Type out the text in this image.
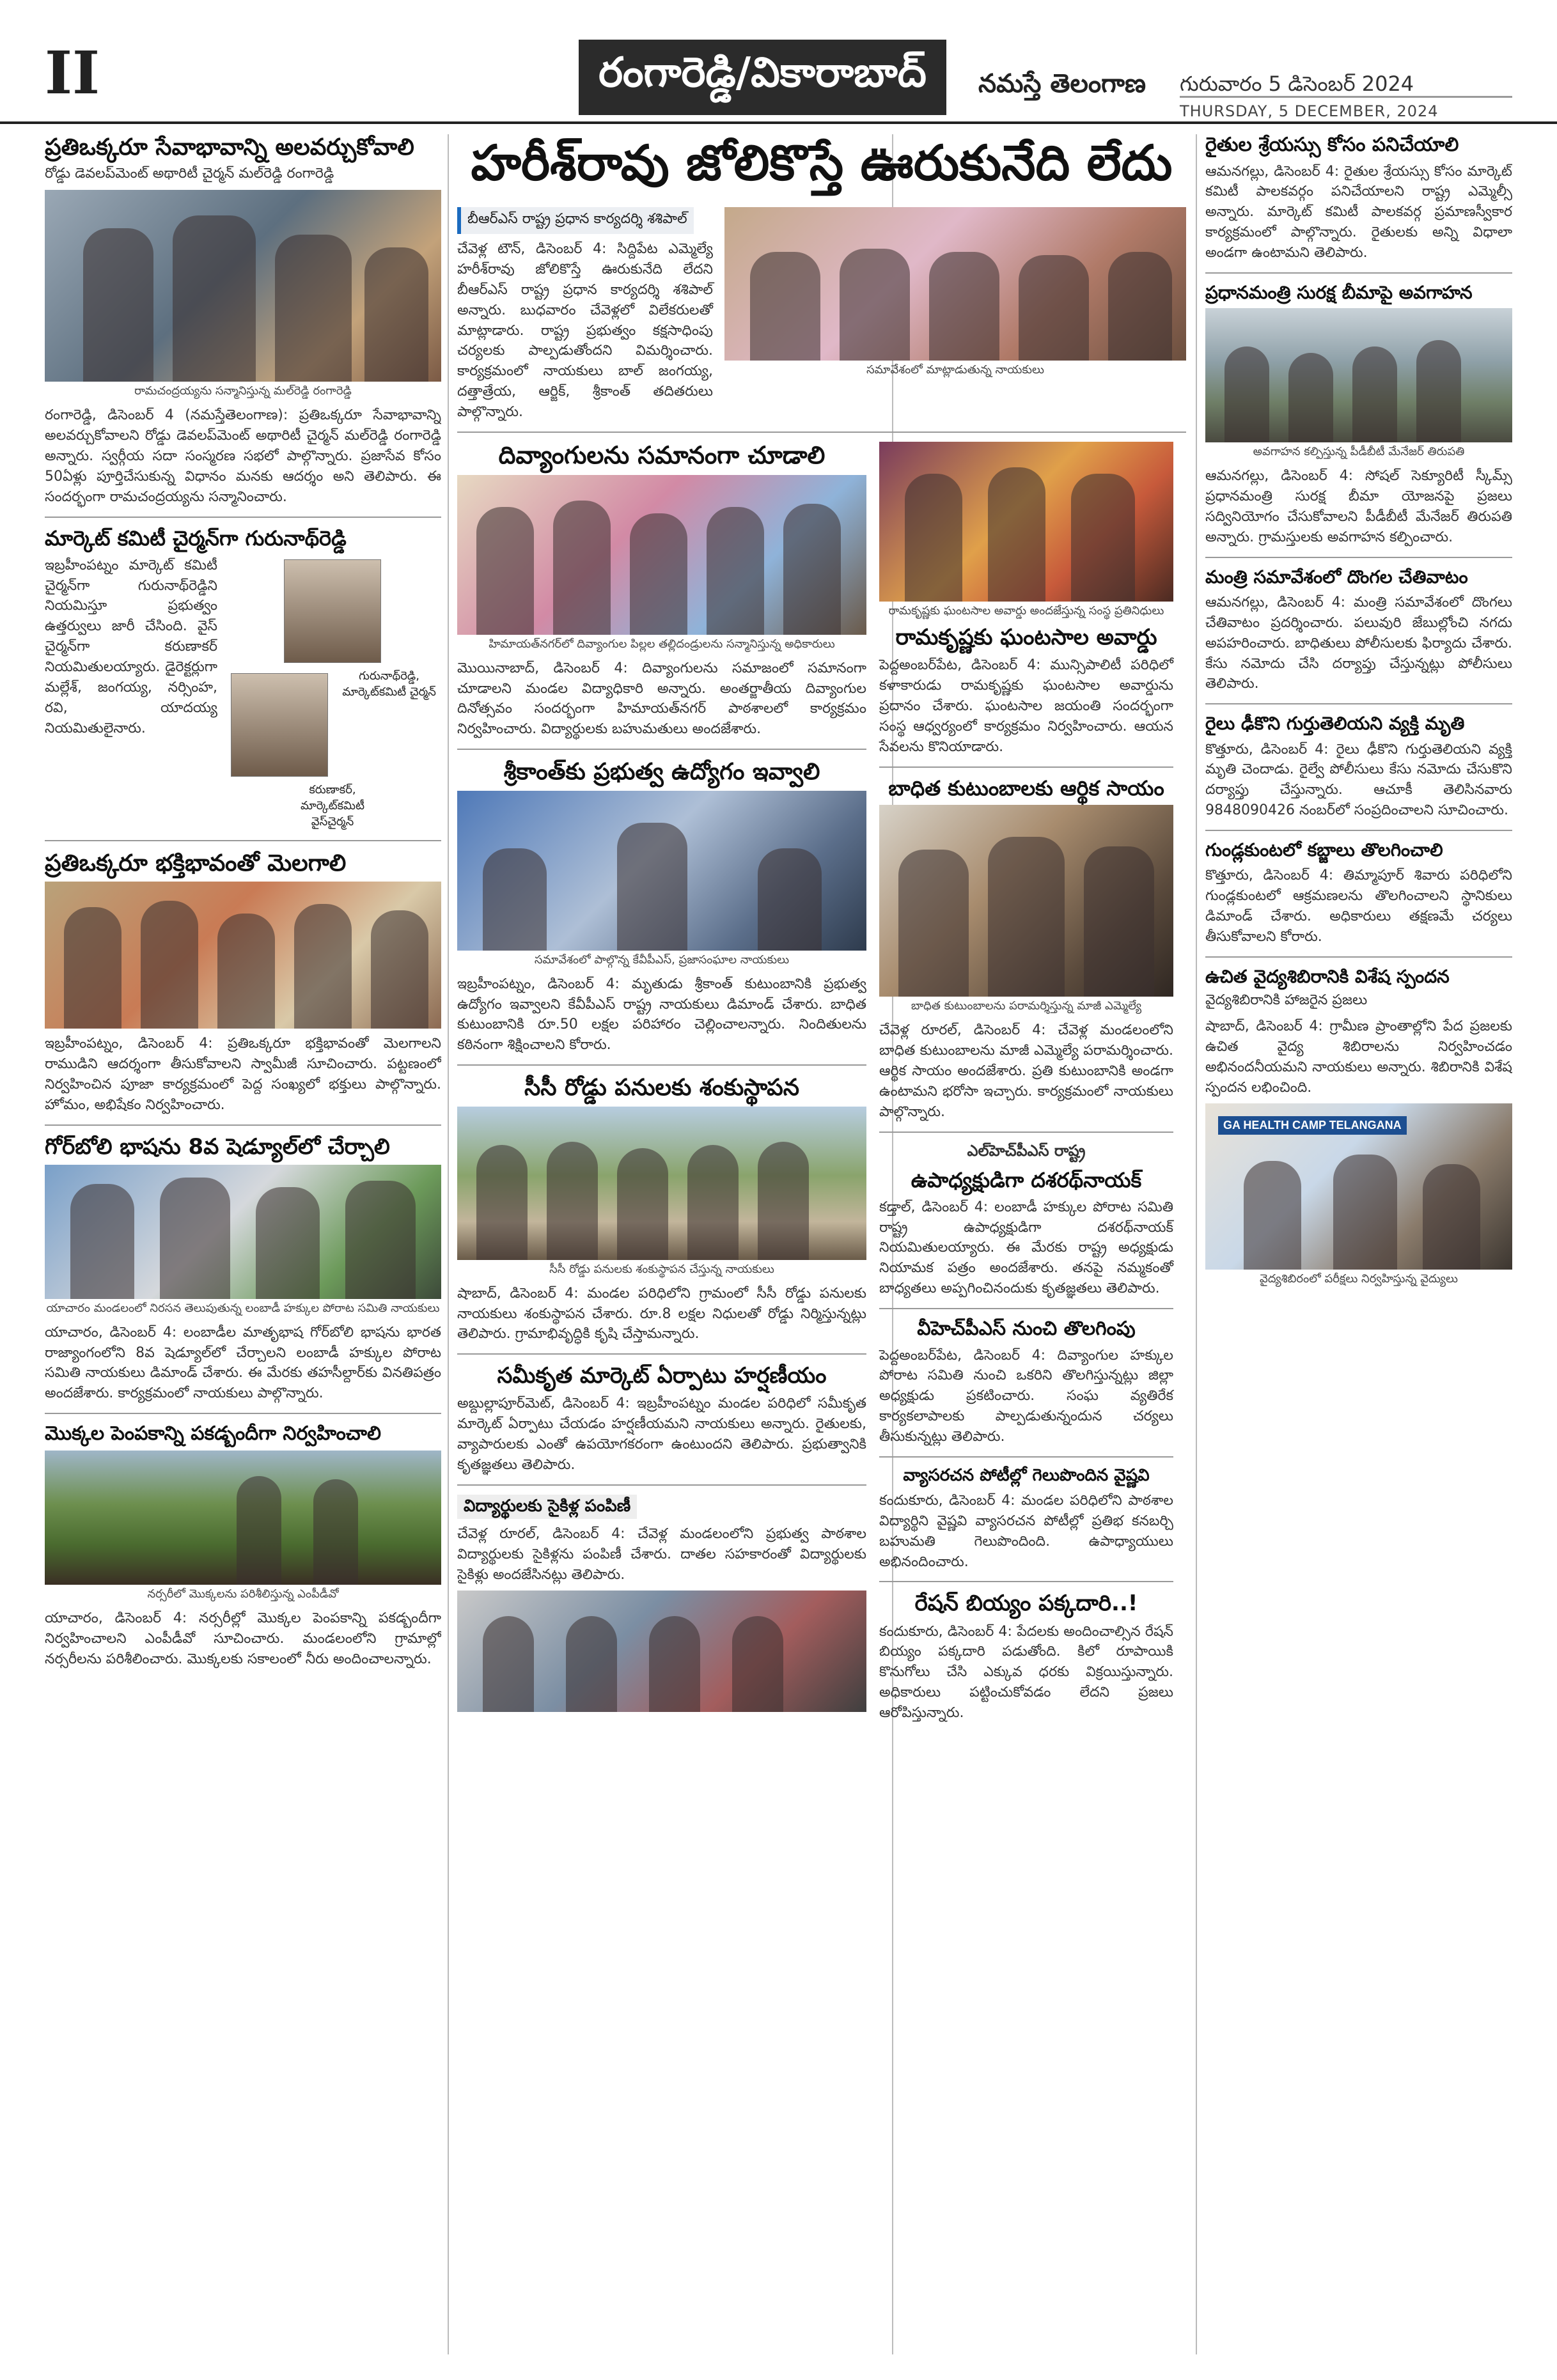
II	రంగారెడ్డి/వికారాబాద్	నమస్తే తెలంగాణ గురువారం 5 డిసెంబర్ 2024
THURSDAY, 5 DECEMBER, 2024
ప్రతిఒక్కరూ సేవాభావాన్ని అలవర్చుకోవాలి
రోడ్డు డెవలప్‌మెంట్ అథారిటీ చైర్మన్ మల్‌రెడ్డి రంగారెడ్డి
రామచంద్రయ్యను సన్మానిస్తున్న మల్‌రెడ్డి రంగారెడ్డి
రంగారెడ్డి, డిసెంబర్ 4 (నమస్తేతెలంగాణ): ప్రతిఒక్కరూ సేవాభావాన్ని అలవర్చుకోవాలని రోడ్డు డెవలప్‌మెంట్ అథారిటీ చైర్మన్ మల్‌రెడ్డి రంగారెడ్డి అన్నారు. స్వర్గీయ సదా సంస్మరణ సభలో పాల్గొన్నారు. ప్రజాసేవ కోసం 50ఏళ్లు పూర్తిచేసుకున్న విధానం మనకు ఆదర్శం అని తెలిపారు. ఈ సందర్భంగా రామచంద్రయ్యను సన్మానించారు.
మార్కెట్ కమిటీ చైర్మన్‌గా గురునాథ్‌రెడ్డి
ఇబ్రహీంపట్నం మార్కెట్ కమిటీ చైర్మన్‌గా గురునాథ్‌రెడ్డిని నియమిస్తూ ప్రభుత్వం ఉత్తర్వులు జారీ చేసింది. వైస్ చైర్మన్‌గా కరుణాకర్ నియమితులయ్యారు. డైరెక్టర్లుగా మల్లేశ్, జంగయ్య, నర్సింహ, రవి, యాదయ్య నియమితులైనారు.
గురునాథ్‌రెడ్డి, మార్కెట్‌కమిటీ చైర్మన్ కరుణాకర్, మార్కెట్‌కమిటీ వైస్‌చైర్మన్
ప్రతిఒక్కరూ భక్తిభావంతో మెలగాలి
ఇబ్రహీంపట్నం, డిసెంబర్ 4: ప్రతిఒక్కరూ భక్తిభావంతో మెలగాలని రాముడిని ఆదర్శంగా తీసుకోవాలని స్వామీజీ సూచించారు. పట్టణంలో నిర్వహించిన పూజా కార్యక్రమంలో పెద్ద సంఖ్యలో భక్తులు పాల్గొన్నారు. హోమం, అభిషేకం నిర్వహించారు.
గోర్‌బోలి భాషను 8వ షెడ్యూల్‌లో చేర్చాలి
యాచారం మండలంలో నిరసన తెలుపుతున్న లంబాడీ హక్కుల పోరాట సమితి నాయకులు
యాచారం, డిసెంబర్ 4: లంబాడీల మాతృభాష గోర్‌బోలి భాషను భారత రాజ్యాంగంలోని 8వ షెడ్యూల్‌లో చేర్చాలని లంబాడీ హక్కుల పోరాట సమితి నాయకులు డిమాండ్ చేశారు. ఈ మేరకు తహసీల్దార్‌కు వినతిపత్రం అందజేశారు. కార్యక్రమంలో నాయకులు పాల్గొన్నారు.
మొక్కల పెంపకాన్ని పకడ్బందీగా నిర్వహించాలి
నర్సరీలో మొక్కలను పరిశీలిస్తున్న ఎంపీడీవో
యాచారం, డిసెంబర్ 4: నర్సరీల్లో మొక్కల పెంపకాన్ని పకడ్బందీగా నిర్వహించాలని ఎంపీడీవో సూచించారు. మండలంలోని గ్రామాల్లో నర్సరీలను పరిశీలించారు. మొక్కలకు సకాలంలో నీరు అందించాలన్నారు.
హరీశ్‌రావు జోలికొస్తే ఊరుకునేది లేదు
బీఆర్‌ఎస్ రాష్ట్ర ప్రధాన కార్యదర్శి శశిపాల్
చేవెళ్ల టౌన్, డిసెంబర్ 4: సిద్దిపేట ఎమ్మెల్యే హరీశ్‌రావు జోలికొస్తే ఊరుకునేది లేదని బీఆర్‌ఎస్ రాష్ట్ర ప్రధాన కార్యదర్శి శశిపాల్ అన్నారు. బుధవారం చేవెళ్లలో విలేకరులతో మాట్లాడారు. రాష్ట్ర ప్రభుత్వం కక్షసాధింపు చర్యలకు పాల్పడుతోందని విమర్శించారు. కార్యక్రమంలో నాయకులు బాల్ జంగయ్య, దత్తాత్రేయ, ఆర్జిక్, శ్రీకాంత్ తదితరులు పాల్గొన్నారు.
సమావేశంలో మాట్లాడుతున్న నాయకులు
దివ్యాంగులను సమానంగా చూడాలి
హిమాయత్‌నగర్‌లో దివ్యాంగుల పిల్లల తల్లిదండ్రులను సన్మానిస్తున్న అధికారులు
మొయినాబాద్, డిసెంబర్ 4: దివ్యాంగులను సమాజంలో సమానంగా చూడాలని మండల విద్యాధికారి అన్నారు. అంతర్జాతీయ దివ్యాంగుల దినోత్సవం సందర్భంగా హిమాయత్‌నగర్ పాఠశాలలో కార్యక్రమం నిర్వహించారు. విద్యార్థులకు బహుమతులు అందజేశారు.
శ్రీకాంత్‌కు ప్రభుత్వ ఉద్యోగం ఇవ్వాలి
సమావేశంలో పాల్గొన్న కేవీపీఎస్, ప్రజాసంఘాల నాయకులు
ఇబ్రహీంపట్నం, డిసెంబర్ 4: మృతుడు శ్రీకాంత్ కుటుంబానికి ప్రభుత్వ ఉద్యోగం ఇవ్వాలని కేవీపీఎస్ రాష్ట్ర నాయకులు డిమాండ్ చేశారు. బాధిత కుటుంబానికి రూ.50 లక్షల పరిహారం చెల్లించాలన్నారు. నిందితులను కఠినంగా శిక్షించాలని కోరారు.
సీసీ రోడ్డు పనులకు శంకుస్థాపన
సీసీ రోడ్డు పనులకు శంకుస్థాపన చేస్తున్న నాయకులు
షాబాద్, డిసెంబర్ 4: మండల పరిధిలోని గ్రామంలో సీసీ రోడ్డు పనులకు నాయకులు శంకుస్థాపన చేశారు. రూ.8 లక్షల నిధులతో రోడ్డు నిర్మిస్తున్నట్లు తెలిపారు. గ్రామాభివృద్ధికి కృషి చేస్తామన్నారు.
సమీకృత మార్కెట్ ఏర్పాటు హర్షణీయం
అబ్దుల్లాపూర్‌మెట్, డిసెంబర్ 4: ఇబ్రహీంపట్నం మండల పరిధిలో సమీకృత మార్కెట్ ఏర్పాటు చేయడం హర్షణీయమని నాయకులు అన్నారు. రైతులకు, వ్యాపారులకు ఎంతో ఉపయోగకరంగా ఉంటుందని తెలిపారు. ప్రభుత్వానికి కృతజ్ఞతలు తెలిపారు.
విద్యార్థులకు సైకిళ్ల పంపిణీ
చేవెళ్ల రూరల్, డిసెంబర్ 4: చేవెళ్ల మండలంలోని ప్రభుత్వ పాఠశాల విద్యార్థులకు సైకిళ్లను పంపిణీ చేశారు. దాతల సహకారంతో విద్యార్థులకు సైకిళ్లు అందజేసినట్లు తెలిపారు.
రామకృష్ణకు ఘంటసాల అవార్డు అందజేస్తున్న సంస్థ ప్రతినిధులు
రామకృష్ణకు ఘంటసాల అవార్డు
పెద్దఅంబర్‌పేట, డిసెంబర్ 4: మున్సిపాలిటీ పరిధిలో కళాకారుడు రామకృష్ణకు ఘంటసాల అవార్డును ప్రదానం చేశారు. ఘంటసాల జయంతి సందర్భంగా సంస్థ ఆధ్వర్యంలో కార్యక్రమం నిర్వహించారు. ఆయన సేవలను కొనియాడారు.
బాధిత కుటుంబాలకు ఆర్థిక సాయం
బాధిత కుటుంబాలను పరామర్శిస్తున్న మాజీ ఎమ్మెల్యే
చేవెళ్ల రూరల్, డిసెంబర్ 4: చేవెళ్ల మండలంలోని బాధిత కుటుంబాలను మాజీ ఎమ్మెల్యే పరామర్శించారు. ఆర్థిక సాయం అందజేశారు. ప్రతి కుటుంబానికి అండగా ఉంటామని భరోసా ఇచ్చారు. కార్యక్రమంలో నాయకులు పాల్గొన్నారు.
ఎల్‌హెచ్‌పీఎస్ రాష్ట్ర
ఉపాధ్యక్షుడిగా దశరథ్‌నాయక్
కడ్తాల్, డిసెంబర్ 4: లంబాడీ హక్కుల పోరాట సమితి రాష్ట్ర ఉపాధ్యక్షుడిగా దశరథ్‌నాయక్ నియమితులయ్యారు. ఈ మేరకు రాష్ట్ర అధ్యక్షుడు నియామక పత్రం అందజేశారు. తనపై నమ్మకంతో బాధ్యతలు అప్పగించినందుకు కృతజ్ఞతలు తెలిపారు.
వీహెచ్‌పీఎస్ నుంచి తొలగింపు
పెద్దఅంబర్‌పేట, డిసెంబర్ 4: దివ్యాంగుల హక్కుల పోరాట సమితి నుంచి ఒకరిని తొలగిస్తున్నట్లు జిల్లా అధ్యక్షుడు ప్రకటించారు. సంఘ వ్యతిరేక కార్యకలాపాలకు పాల్పడుతున్నందున చర్యలు తీసుకున్నట్లు తెలిపారు.
వ్యాసరచన పోటీల్లో గెలుపొందిన వైష్ణవి
కందుకూరు, డిసెంబర్ 4: మండల పరిధిలోని పాఠశాల విద్యార్థిని వైష్ణవి వ్యాసరచన పోటీల్లో ప్రతిభ కనబర్చి బహుమతి గెలుపొందింది. ఉపాధ్యాయులు అభినందించారు.
రేషన్ బియ్యం పక్కదారి..!
కందుకూరు, డిసెంబర్ 4: పేదలకు అందించాల్సిన రేషన్ బియ్యం పక్కదారి పడుతోంది. కిలో రూపాయికి కొనుగోలు చేసి ఎక్కువ ధరకు విక్రయిస్తున్నారు. అధికారులు పట్టించుకోవడం లేదని ప్రజలు ఆరోపిస్తున్నారు.
రైతుల శ్రేయస్సు కోసం పనిచేయాలి
ఆమనగల్లు, డిసెంబర్ 4: రైతుల శ్రేయస్సు కోసం మార్కెట్ కమిటీ పాలకవర్గం పనిచేయాలని రాష్ట్ర ఎమ్మెల్సీ అన్నారు. మార్కెట్ కమిటీ పాలకవర్గ ప్రమాణస్వీకార కార్యక్రమంలో పాల్గొన్నారు. రైతులకు అన్ని విధాలా అండగా ఉంటామని తెలిపారు.
ప్రధానమంత్రి సురక్ష బీమాపై అవగాహన
అవగాహన కల్పిస్తున్న పీడీబీటీ మేనేజర్ తిరుపతి
ఆమనగల్లు, డిసెంబర్ 4: సోషల్ సెక్యూరిటీ స్కీమ్స్ ప్రధానమంత్రి సురక్ష బీమా యోజనపై ప్రజలు సద్వినియోగం చేసుకోవాలని పీడీబీటీ మేనేజర్ తిరుపతి అన్నారు. గ్రామస్తులకు అవగాహన కల్పించారు.
మంత్రి సమావేశంలో దొంగల చేతివాటం
ఆమనగల్లు, డిసెంబర్ 4: మంత్రి సమావేశంలో దొంగలు చేతివాటం ప్రదర్శించారు. పలువురి జేబుల్లోంచి నగదు అపహరించారు. బాధితులు పోలీసులకు ఫిర్యాదు చేశారు. కేసు నమోదు చేసి దర్యాప్తు చేస్తున్నట్లు పోలీసులు తెలిపారు.
రైలు ఢీకొని గుర్తుతెలియని వ్యక్తి మృతి
కొత్తూరు, డిసెంబర్ 4: రైలు ఢీకొని గుర్తుతెలియని వ్యక్తి మృతి చెందాడు. రైల్వే పోలీసులు కేసు నమోదు చేసుకొని దర్యాప్తు చేస్తున్నారు. ఆచూకీ తెలిసినవారు 9848090426 నంబర్‌లో సంప్రదించాలని సూచించారు.
గుండ్లకుంటలో కబ్జాలు తొలగించాలి
కొత్తూరు, డిసెంబర్ 4: తిమ్మాపూర్ శివారు పరిధిలోని గుండ్లకుంటలో ఆక్రమణలను తొలగించాలని స్థానికులు డిమాండ్ చేశారు. అధికారులు తక్షణమే చర్యలు తీసుకోవాలని కోరారు.
ఉచిత వైద్యశిబిరానికి విశేష స్పందన
వైద్యశిబిరానికి హాజరైన ప్రజలు
షాబాద్, డిసెంబర్ 4: గ్రామీణ ప్రాంతాల్లోని పేద ప్రజలకు ఉచిత వైద్య శిబిరాలను నిర్వహించడం అభినందనీయమని నాయకులు అన్నారు. శిబిరానికి విశేష స్పందన లభించింది.
GA HEALTH CAMP TELANGANA
వైద్యశిబిరంలో పరీక్షలు నిర్వహిస్తున్న వైద్యులు
